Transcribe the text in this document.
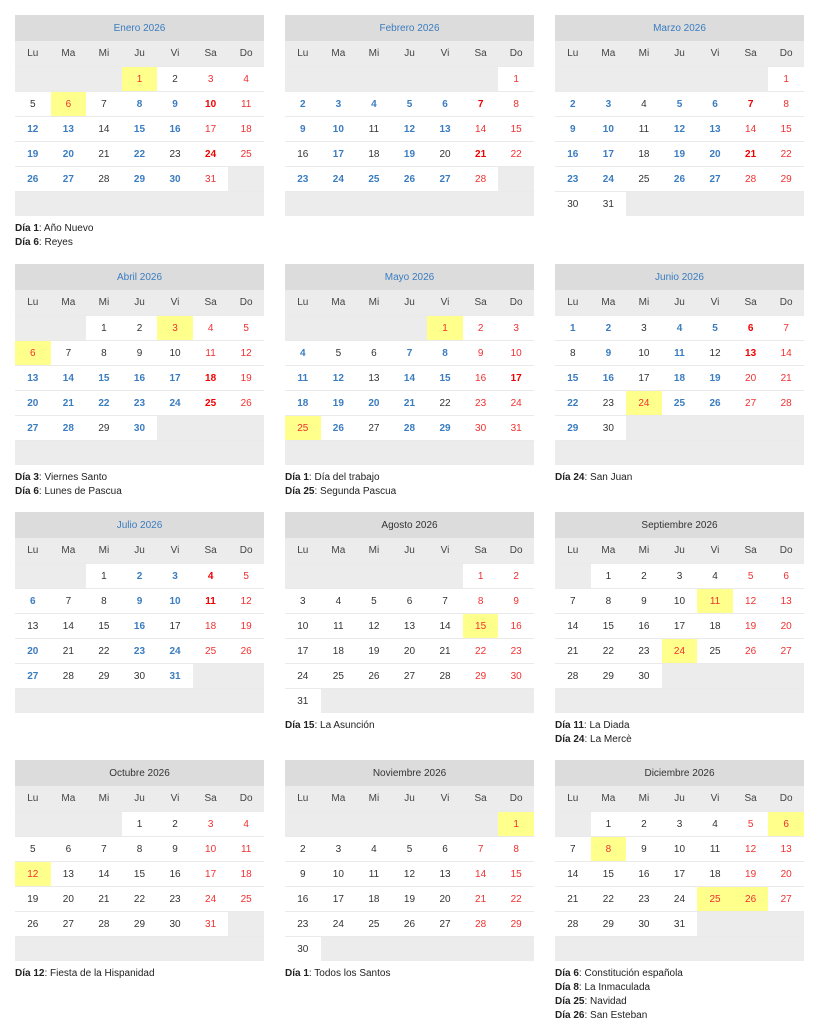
Enero 2026						
Lu	Ma	Mi	Ju	Vi	Sa	Do
			1	2	3	4
5	6	7	8	9	10	11
12	13	14	15	16	17	18
19	20	21	22	23	24	25
26	27	28	29	30	31	

Día 1: Año Nuevo
Día 6: Reyes
Febrero 2026						
Lu	Ma	Mi	Ju	Vi	Sa	Do
						1
2	3	4	5	6	7	8
9	10	11	12	13	14	15
16	17	18	19	20	21	22
23	24	25	26	27	28	

Marzo 2026						
Lu	Ma	Mi	Ju	Vi	Sa	Do
						1
2	3	4	5	6	7	8
9	10	11	12	13	14	15
16	17	18	19	20	21	22
23	24	25	26	27	28	29
30	31					
Abril 2026						
Lu	Ma	Mi	Ju	Vi	Sa	Do
		1	2	3	4	5
6	7	8	9	10	11	12
13	14	15	16	17	18	19
20	21	22	23	24	25	26
27	28	29	30			

Día 3: Viernes Santo
Día 6: Lunes de Pascua
Mayo 2026						
Lu	Ma	Mi	Ju	Vi	Sa	Do
				1	2	3
4	5	6	7	8	9	10
11	12	13	14	15	16	17
18	19	20	21	22	23	24
25	26	27	28	29	30	31

Día 1: Día del trabajo
Día 25: Segunda Pascua
Junio 2026						
Lu	Ma	Mi	Ju	Vi	Sa	Do
1	2	3	4	5	6	7
8	9	10	11	12	13	14
15	16	17	18	19	20	21
22	23	24	25	26	27	28
29	30					

Día 24: San Juan
Julio 2026						
Lu	Ma	Mi	Ju	Vi	Sa	Do
		1	2	3	4	5
6	7	8	9	10	11	12
13	14	15	16	17	18	19
20	21	22	23	24	25	26
27	28	29	30	31		

Agosto 2026						
Lu	Ma	Mi	Ju	Vi	Sa	Do
					1	2
3	4	5	6	7	8	9
10	11	12	13	14	15	16
17	18	19	20	21	22	23
24	25	26	27	28	29	30
31						
Día 15: La Asunción
Septiembre 2026						
Lu	Ma	Mi	Ju	Vi	Sa	Do
	1	2	3	4	5	6
7	8	9	10	11	12	13
14	15	16	17	18	19	20
21	22	23	24	25	26	27
28	29	30				

Día 11: La Diada
Día 24: La Mercè
Octubre 2026						
Lu	Ma	Mi	Ju	Vi	Sa	Do
			1	2	3	4
5	6	7	8	9	10	11
12	13	14	15	16	17	18
19	20	21	22	23	24	25
26	27	28	29	30	31	

Día 12: Fiesta de la Hispanidad
Noviembre 2026						
Lu	Ma	Mi	Ju	Vi	Sa	Do
						1
2	3	4	5	6	7	8
9	10	11	12	13	14	15
16	17	18	19	20	21	22
23	24	25	26	27	28	29
30						
Día 1: Todos los Santos
Diciembre 2026						
Lu	Ma	Mi	Ju	Vi	Sa	Do
	1	2	3	4	5	6
7	8	9	10	11	12	13
14	15	16	17	18	19	20
21	22	23	24	25	26	27
28	29	30	31			

Día 6: Constitución española
Día 8: La Inmaculada
Día 25: Navidad
Día 26: San Esteban
